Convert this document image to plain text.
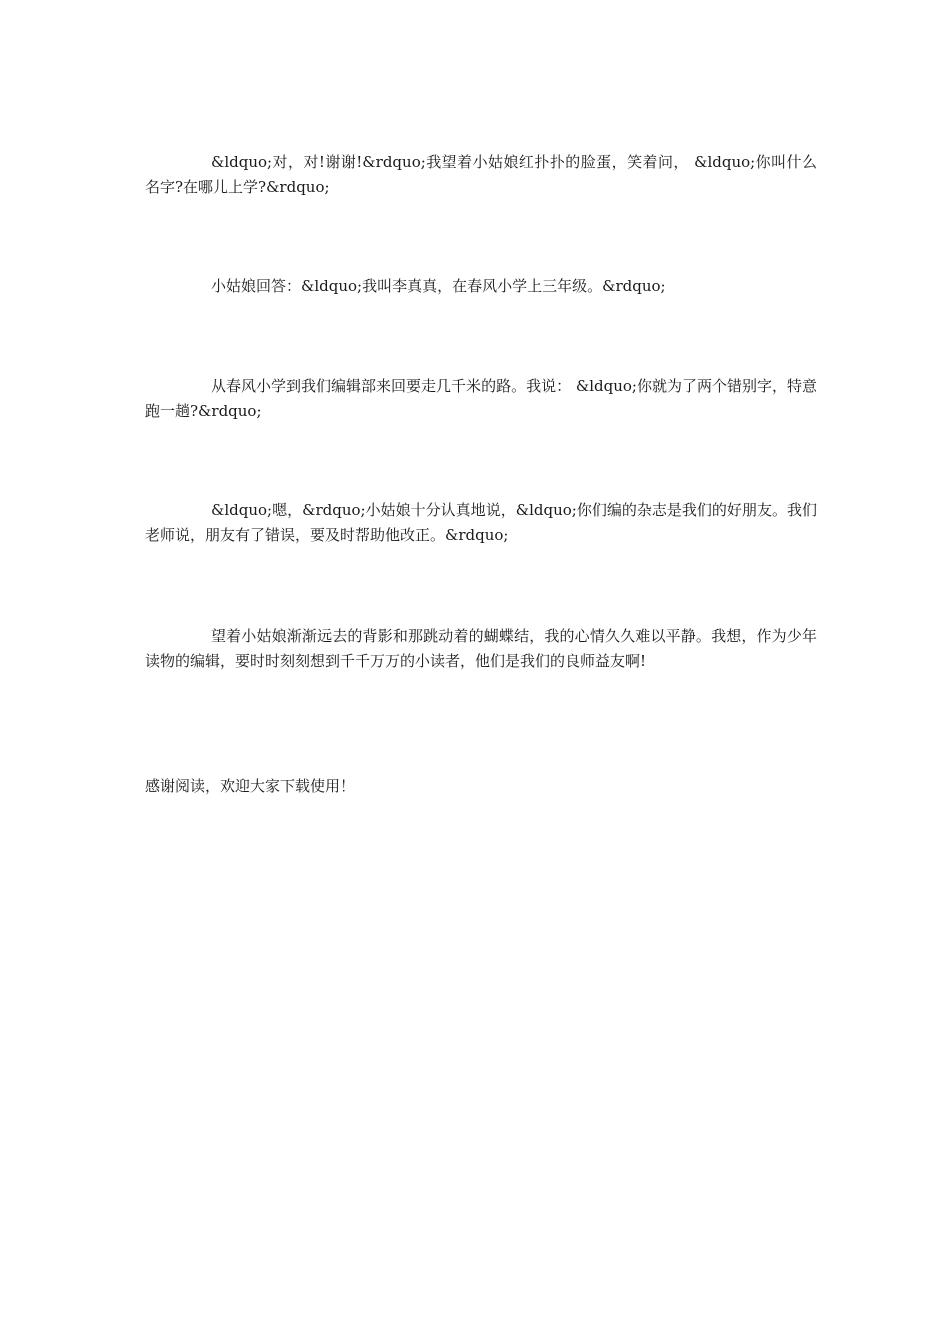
&ldquo;对，对!谢谢!&rdquo;我望着小姑娘红扑扑的脸蛋，笑着问， &ldquo;你叫什么名字?在哪儿上学?&rdquo;

小姑娘回答：&ldquo;我叫李真真，在春风小学上三年级。&rdquo;

从春风小学到我们编辑部来回要走几千米的路。我说： &ldquo;你就为了两个错别字，特意跑一趟?&rdquo;

&ldquo;嗯，&rdquo;小姑娘十分认真地说，&ldquo;你们编的杂志是我们的好朋友。我们老师说，朋友有了错误，要及时帮助他改正。&rdquo;

望着小姑娘渐渐远去的背影和那跳动着的蝴蝶结，我的心情久久难以平静。我想，作为少年读物的编辑，要时时刻刻想到千千万万的小读者，他们是我们的良师益友啊!

感谢阅读，欢迎大家下载使用！
